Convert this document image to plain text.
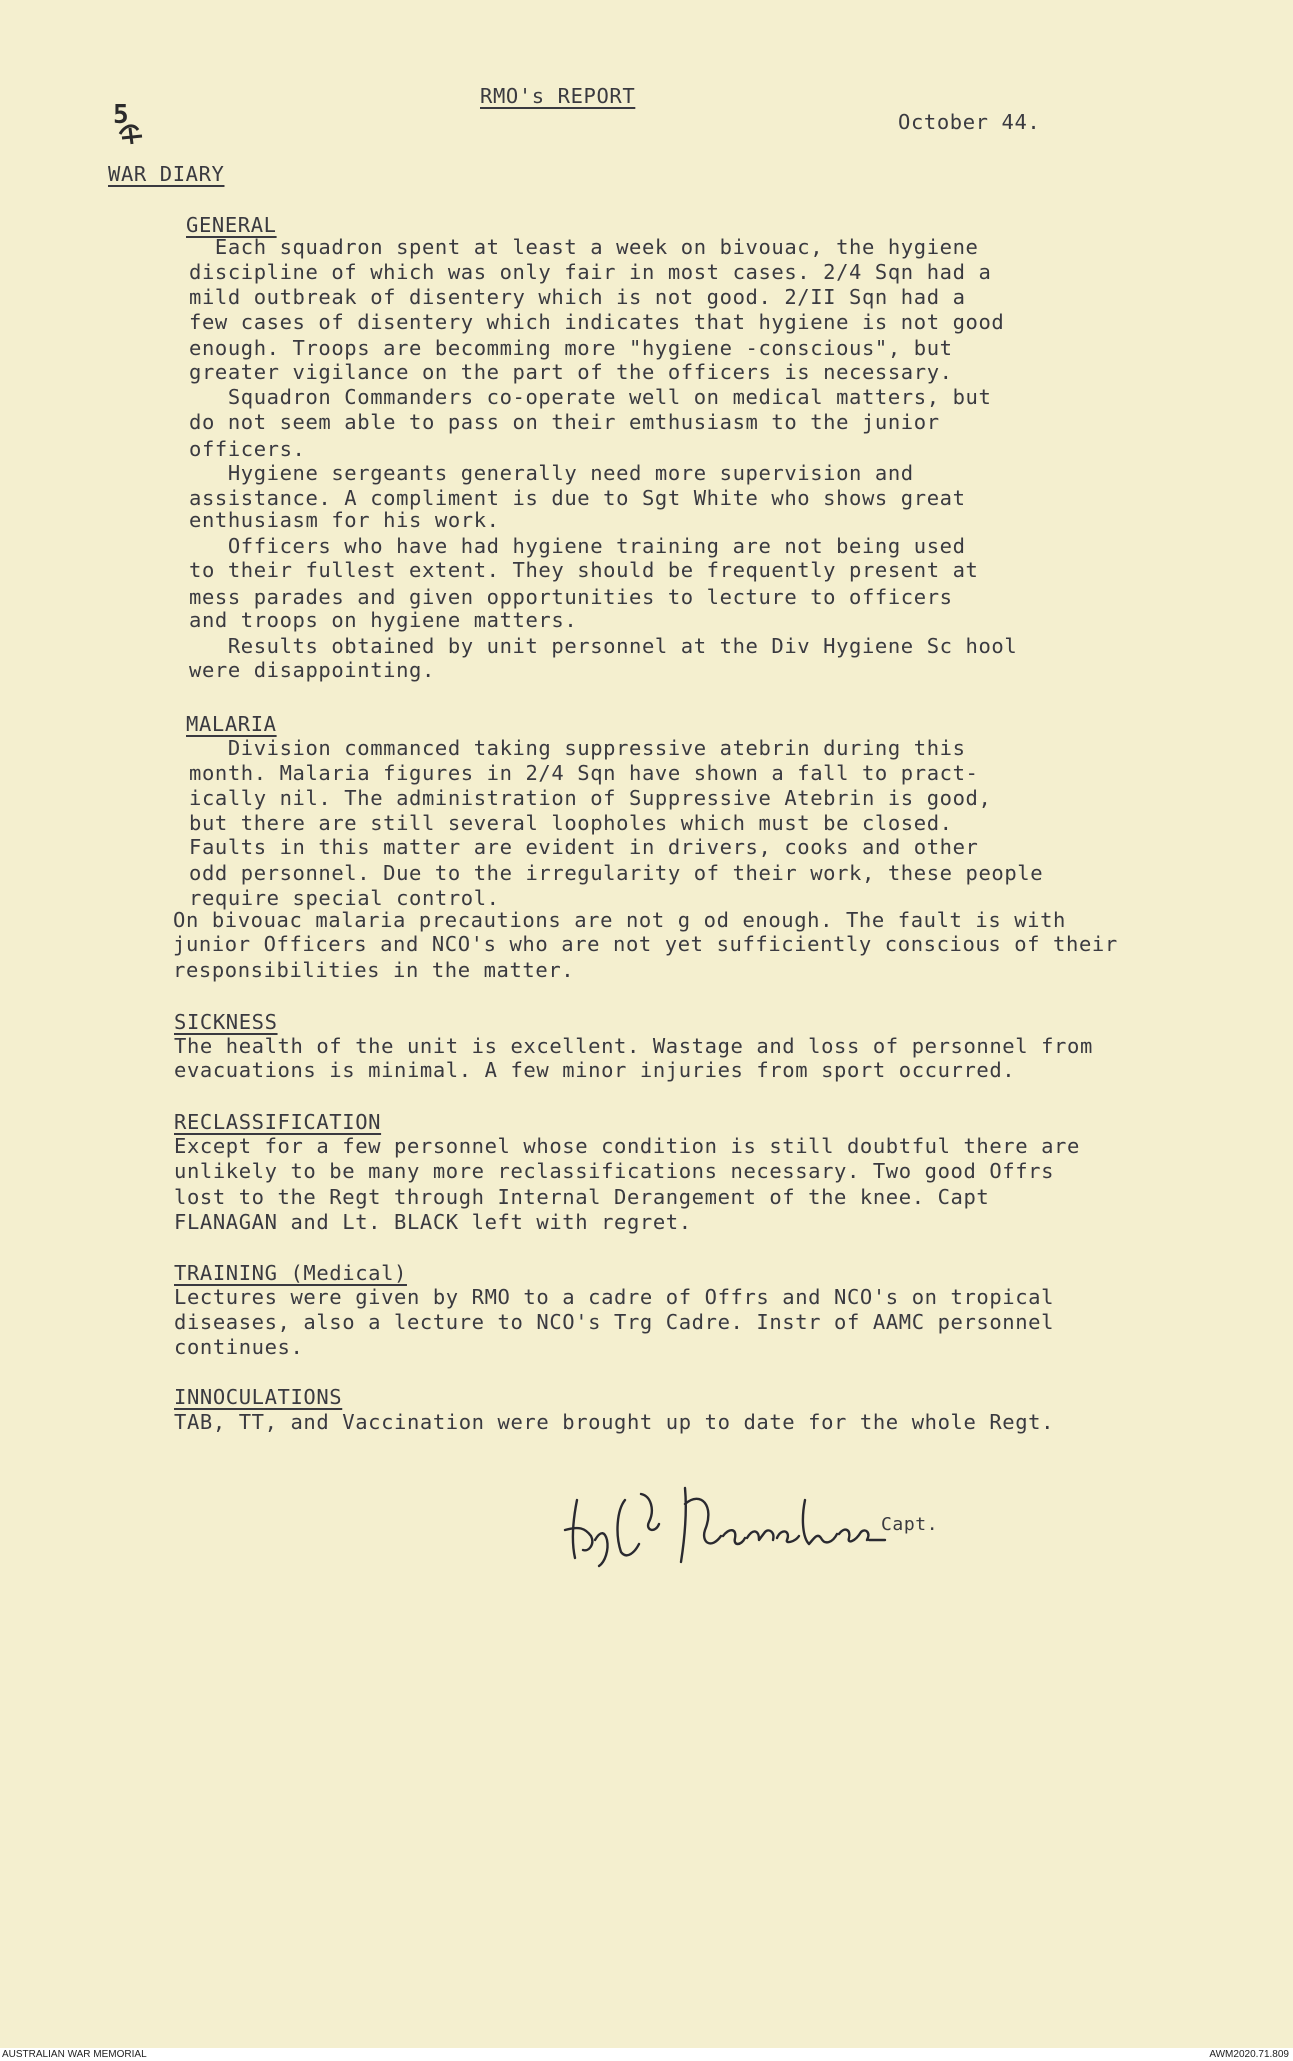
5
RMO's REPORT
October 44.
WAR DIARY
GENERAL
Each squadron spent at least a week on bivouac, the hygiene
discipline of which was only fair in most cases. 2/4 Sqn had a
mild outbreak of disentery which is not good. 2/II Sqn had a
few cases of disentery which indicates that hygiene is not good
enough. Troops are becomming more "hygiene -conscious", but
greater vigilance on the part of the officers is necessary.
Squadron Commanders co-operate well on medical matters, but
do not seem able to pass on their emthusiasm to the junior
officers.
Hygiene sergeants generally need more supervision and
assistance. A compliment is due to Sgt White who shows great
enthusiasm for his work.
Officers who have had hygiene training are not being used
to their fullest extent. They should be frequently present at
mess parades and given opportunities to lecture to officers
and troops on hygiene matters.
Results obtained by unit personnel at the Div Hygiene Sc hool
were disappointing.
MALARIA
Division commanced taking suppressive atebrin during this
month. Malaria figures in 2/4 Sqn have shown a fall to pract-
ically nil. The administration of Suppressive Atebrin is good,
but there are still several loopholes which must be closed.
Faults in this matter are evident in drivers, cooks and other
odd personnel. Due to the irregularity of their work, these people
require special control.
On bivouac malaria precautions are not g od enough. The fault is with
junior Officers and NCO's who are not yet sufficiently conscious of their
responsibilities in the matter.
SICKNESS
The health of the unit is excellent. Wastage and loss of personnel from
evacuations is minimal. A few minor injuries from sport occurred.
RECLASSIFICATION
Except for a few personnel whose condition is still doubtful there are
unlikely to be many more reclassifications necessary. Two good Offrs
lost to the Regt through Internal Derangement of the knee. Capt
FLANAGAN and Lt. BLACK left with regret.
TRAINING (Medical)
Lectures were given by RMO to a cadre of Offrs and NCO's on tropical
diseases, also a lecture to NCO's Trg Cadre. Instr of AAMC personnel
continues.
INNOCULATIONS
TAB, TT, and Vaccination were brought up to date for the whole Regt.
Capt.
AUSTRALIAN WAR MEMORIAL	AWM2020.71.809
